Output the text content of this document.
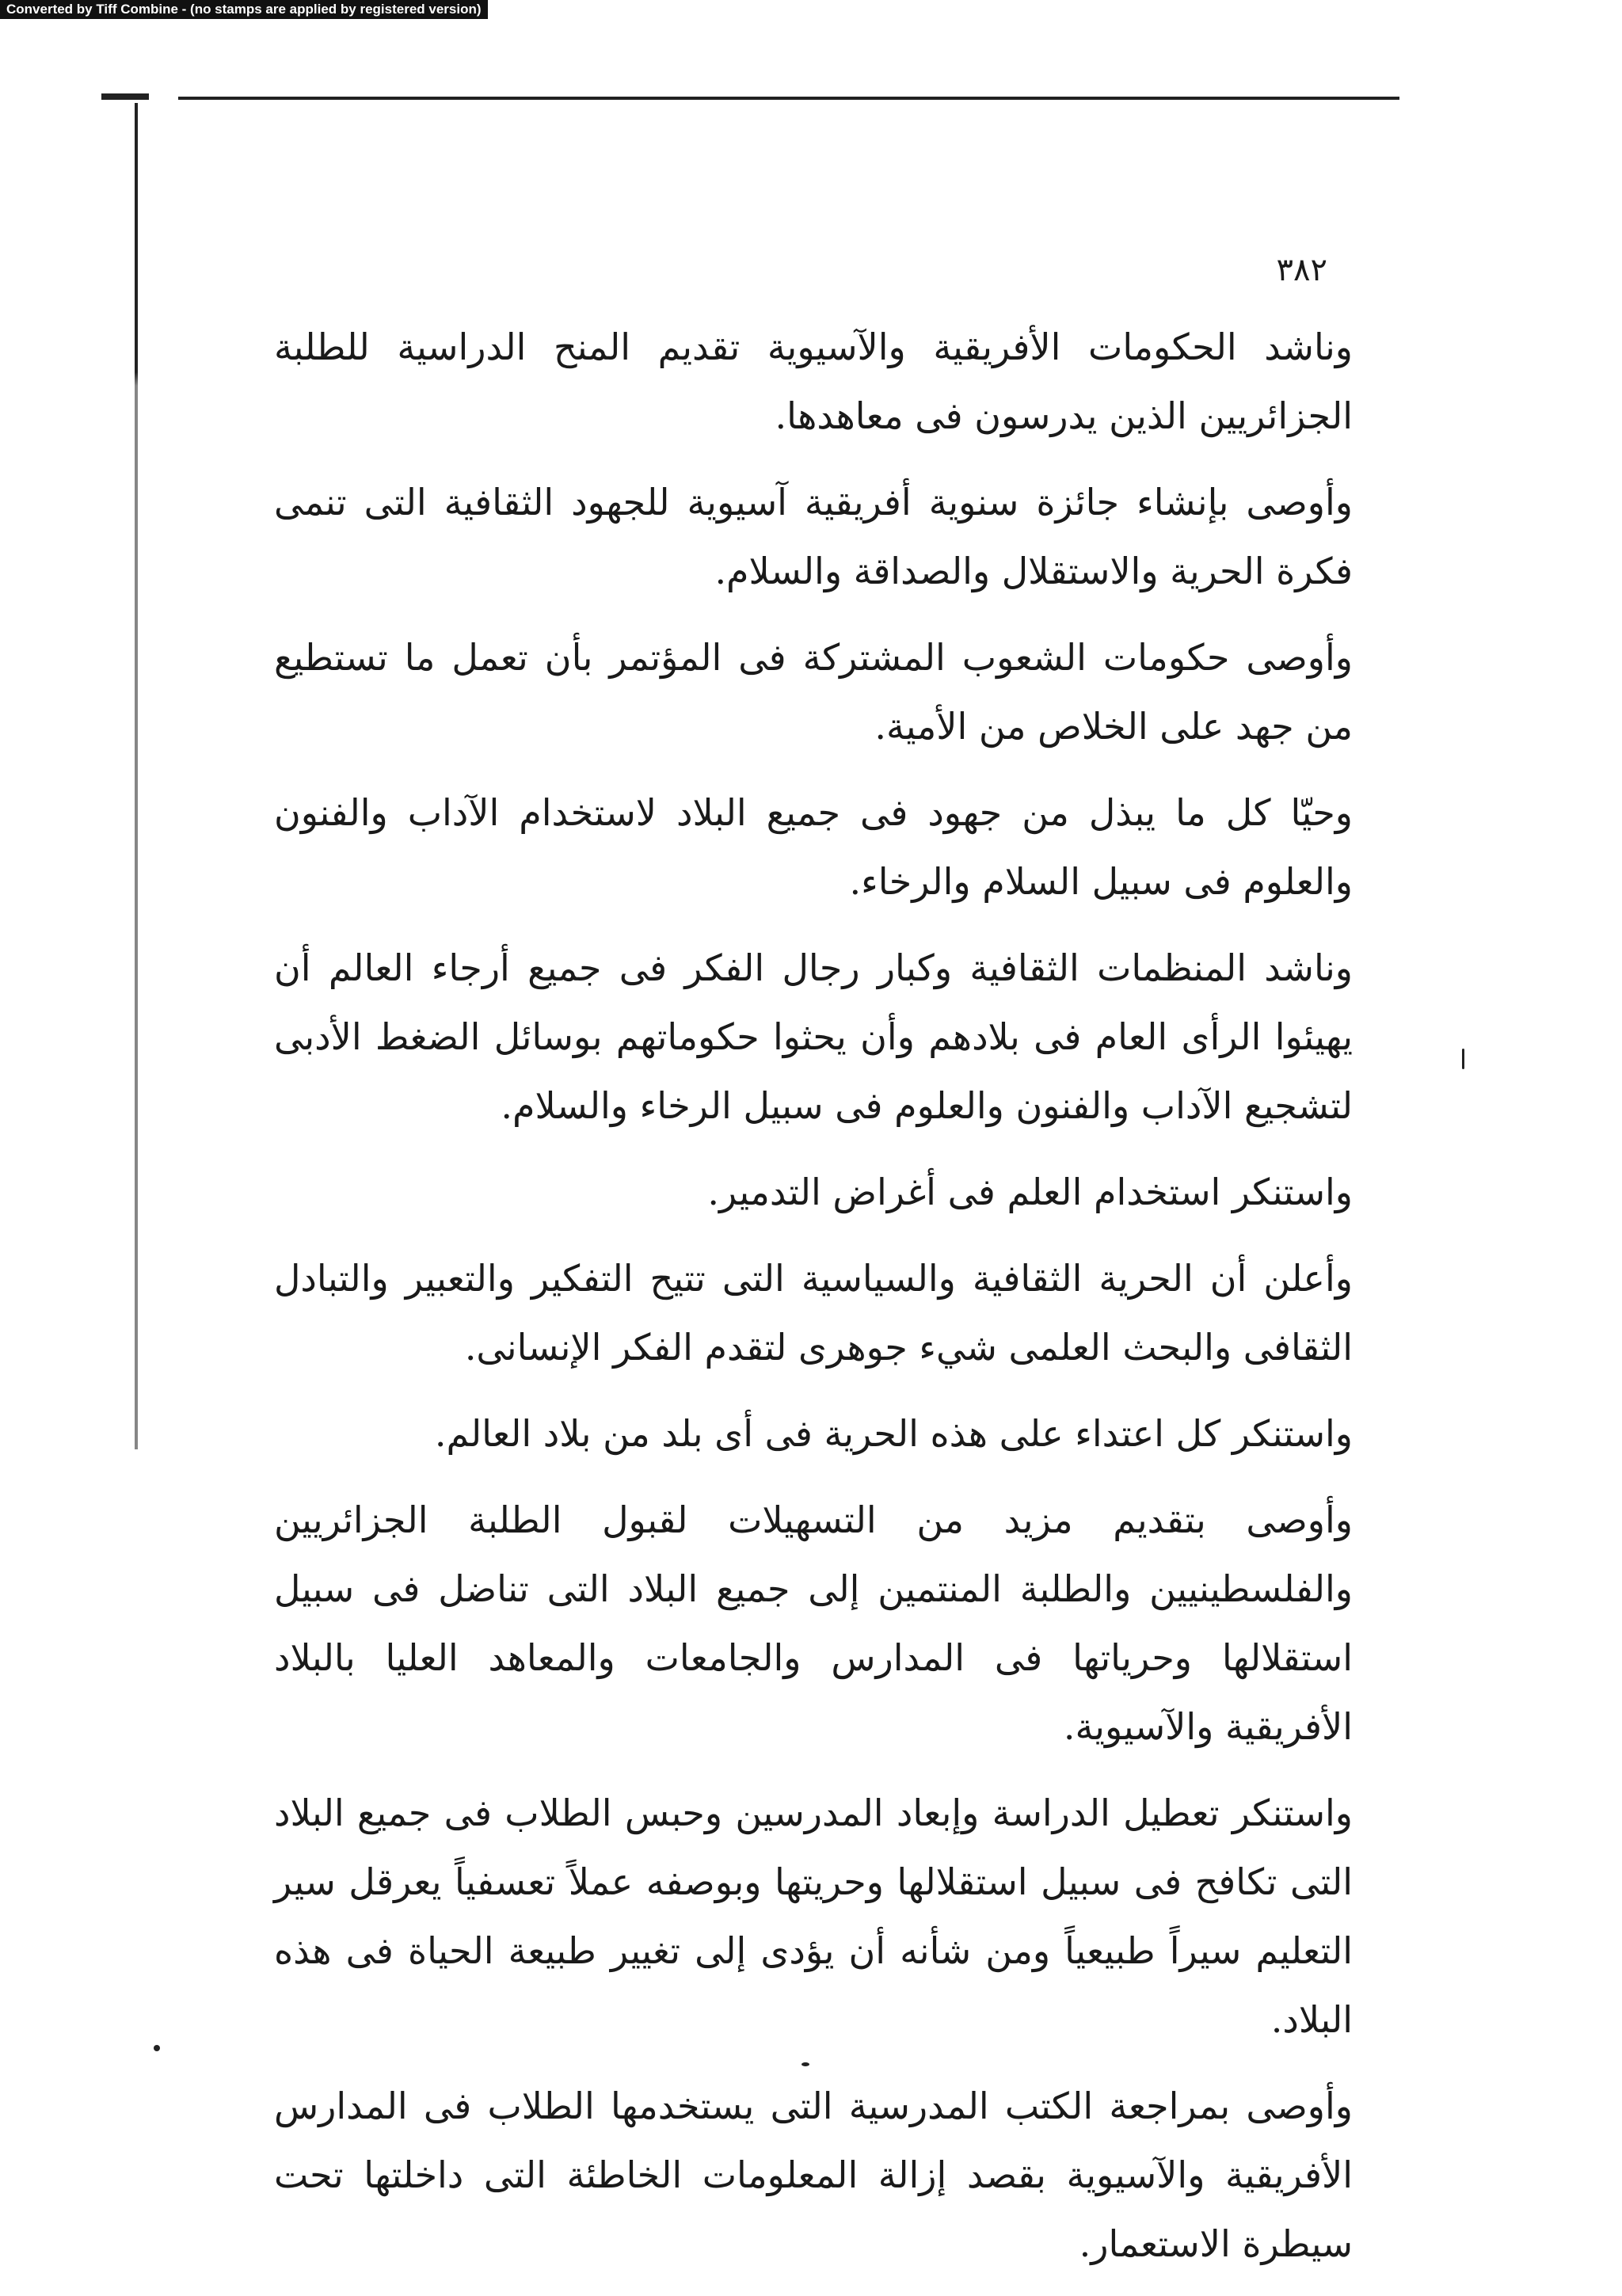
Converted by Tiff Combine - (no stamps are applied by registered version)
٣٨٢

وناشد الحكومات الأفريقية والآسيوية تقديم المنح الدراسية للطلبة الجزائريين الذين يدرسون فى معاهدها.

وأوصى بإنشاء جائزة سنوية أفريقية آسيوية للجهود الثقافية التى تنمى فكرة الحرية والاستقلال والصداقة والسلام.

وأوصى حكومات الشعوب المشتركة فى المؤتمر بأن تعمل ما تستطيع من جهد على الخلاص من الأمية.

وحيّا كل ما يبذل من جهود فى جميع البلاد لاستخدام الآداب والفنون والعلوم فى سبيل السلام والرخاء.

وناشد المنظمات الثقافية وكبار رجال الفكر فى جميع أرجاء العالم أن يهيئوا الرأى العام فى بلادهم وأن يحثوا حكوماتهم بوسائل الضغط الأدبى لتشجيع الآداب والفنون والعلوم فى سبيل الرخاء والسلام.

واستنكر استخدام العلم فى أغراض التدمير.

وأعلن أن الحرية الثقافية والسياسية التى تتيح التفكير والتعبير والتبادل الثقافى والبحث العلمى شيء جوهرى لتقدم الفكر الإنسانى.

واستنكر كل اعتداء على هذه الحرية فى أى بلد من بلاد العالم.

وأوصى بتقديم مزيد من التسهيلات لقبول الطلبة الجزائريين والفلسطينيين والطلبة المنتمين إلى جميع البلاد التى تناضل فى سبيل استقلالها وحرياتها فى المدارس والجامعات والمعاهد العليا بالبلاد الأفريقية والآسيوية.

واستنكر تعطيل الدراسة وإبعاد المدرسين وحبس الطلاب فى جميع البلاد التى تكافح فى سبيل استقلالها وحريتها وبوصفه عملاً تعسفياً يعرقل سير التعليم سيراً طبيعياً ومن شأنه أن يؤدى إلى تغيير طبيعة الحياة فى هذه البلاد.

وأوصى بمراجعة الكتب المدرسية التى يستخدمها الطلاب فى المدارس الأفريقية والآسيوية بقصد إزالة المعلومات الخاطئة التى داخلتها تحت سيطرة الاستعمار.
